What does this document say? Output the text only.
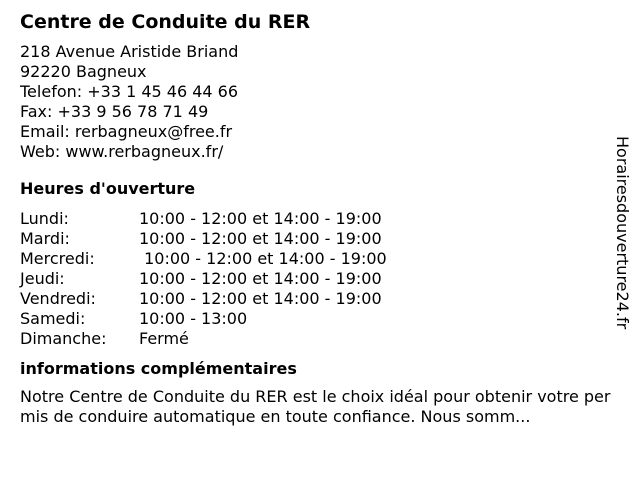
Centre de Conduite du RER
218 Avenue Aristide Briand
92220 Bagneux
Telefon: +33 1 45 46 44 66
Fax: +33 9 56 78 71 49
Email: rerbagneux@free.fr
Web: www.rerbagneux.fr/
Heures d'ouverture
Lundi:	10:00 - 12:00 et 14:00 - 19:00
Mardi:	10:00 - 12:00 et 14:00 - 19:00
Mercredi:	10:00 - 12:00 et 14:00 - 19:00
Jeudi:	10:00 - 12:00 et 14:00 - 19:00
Vendredi:	10:00 - 12:00 et 14:00 - 19:00
Samedi:	10:00 - 13:00
Dimanche:	Fermé
informations complémentaires
Notre Centre de Conduite du RER est le choix idéal pour obtenir votre permis de conduire automatique en toute confiance. Nous somm...
Horairesdouverture24.fr
